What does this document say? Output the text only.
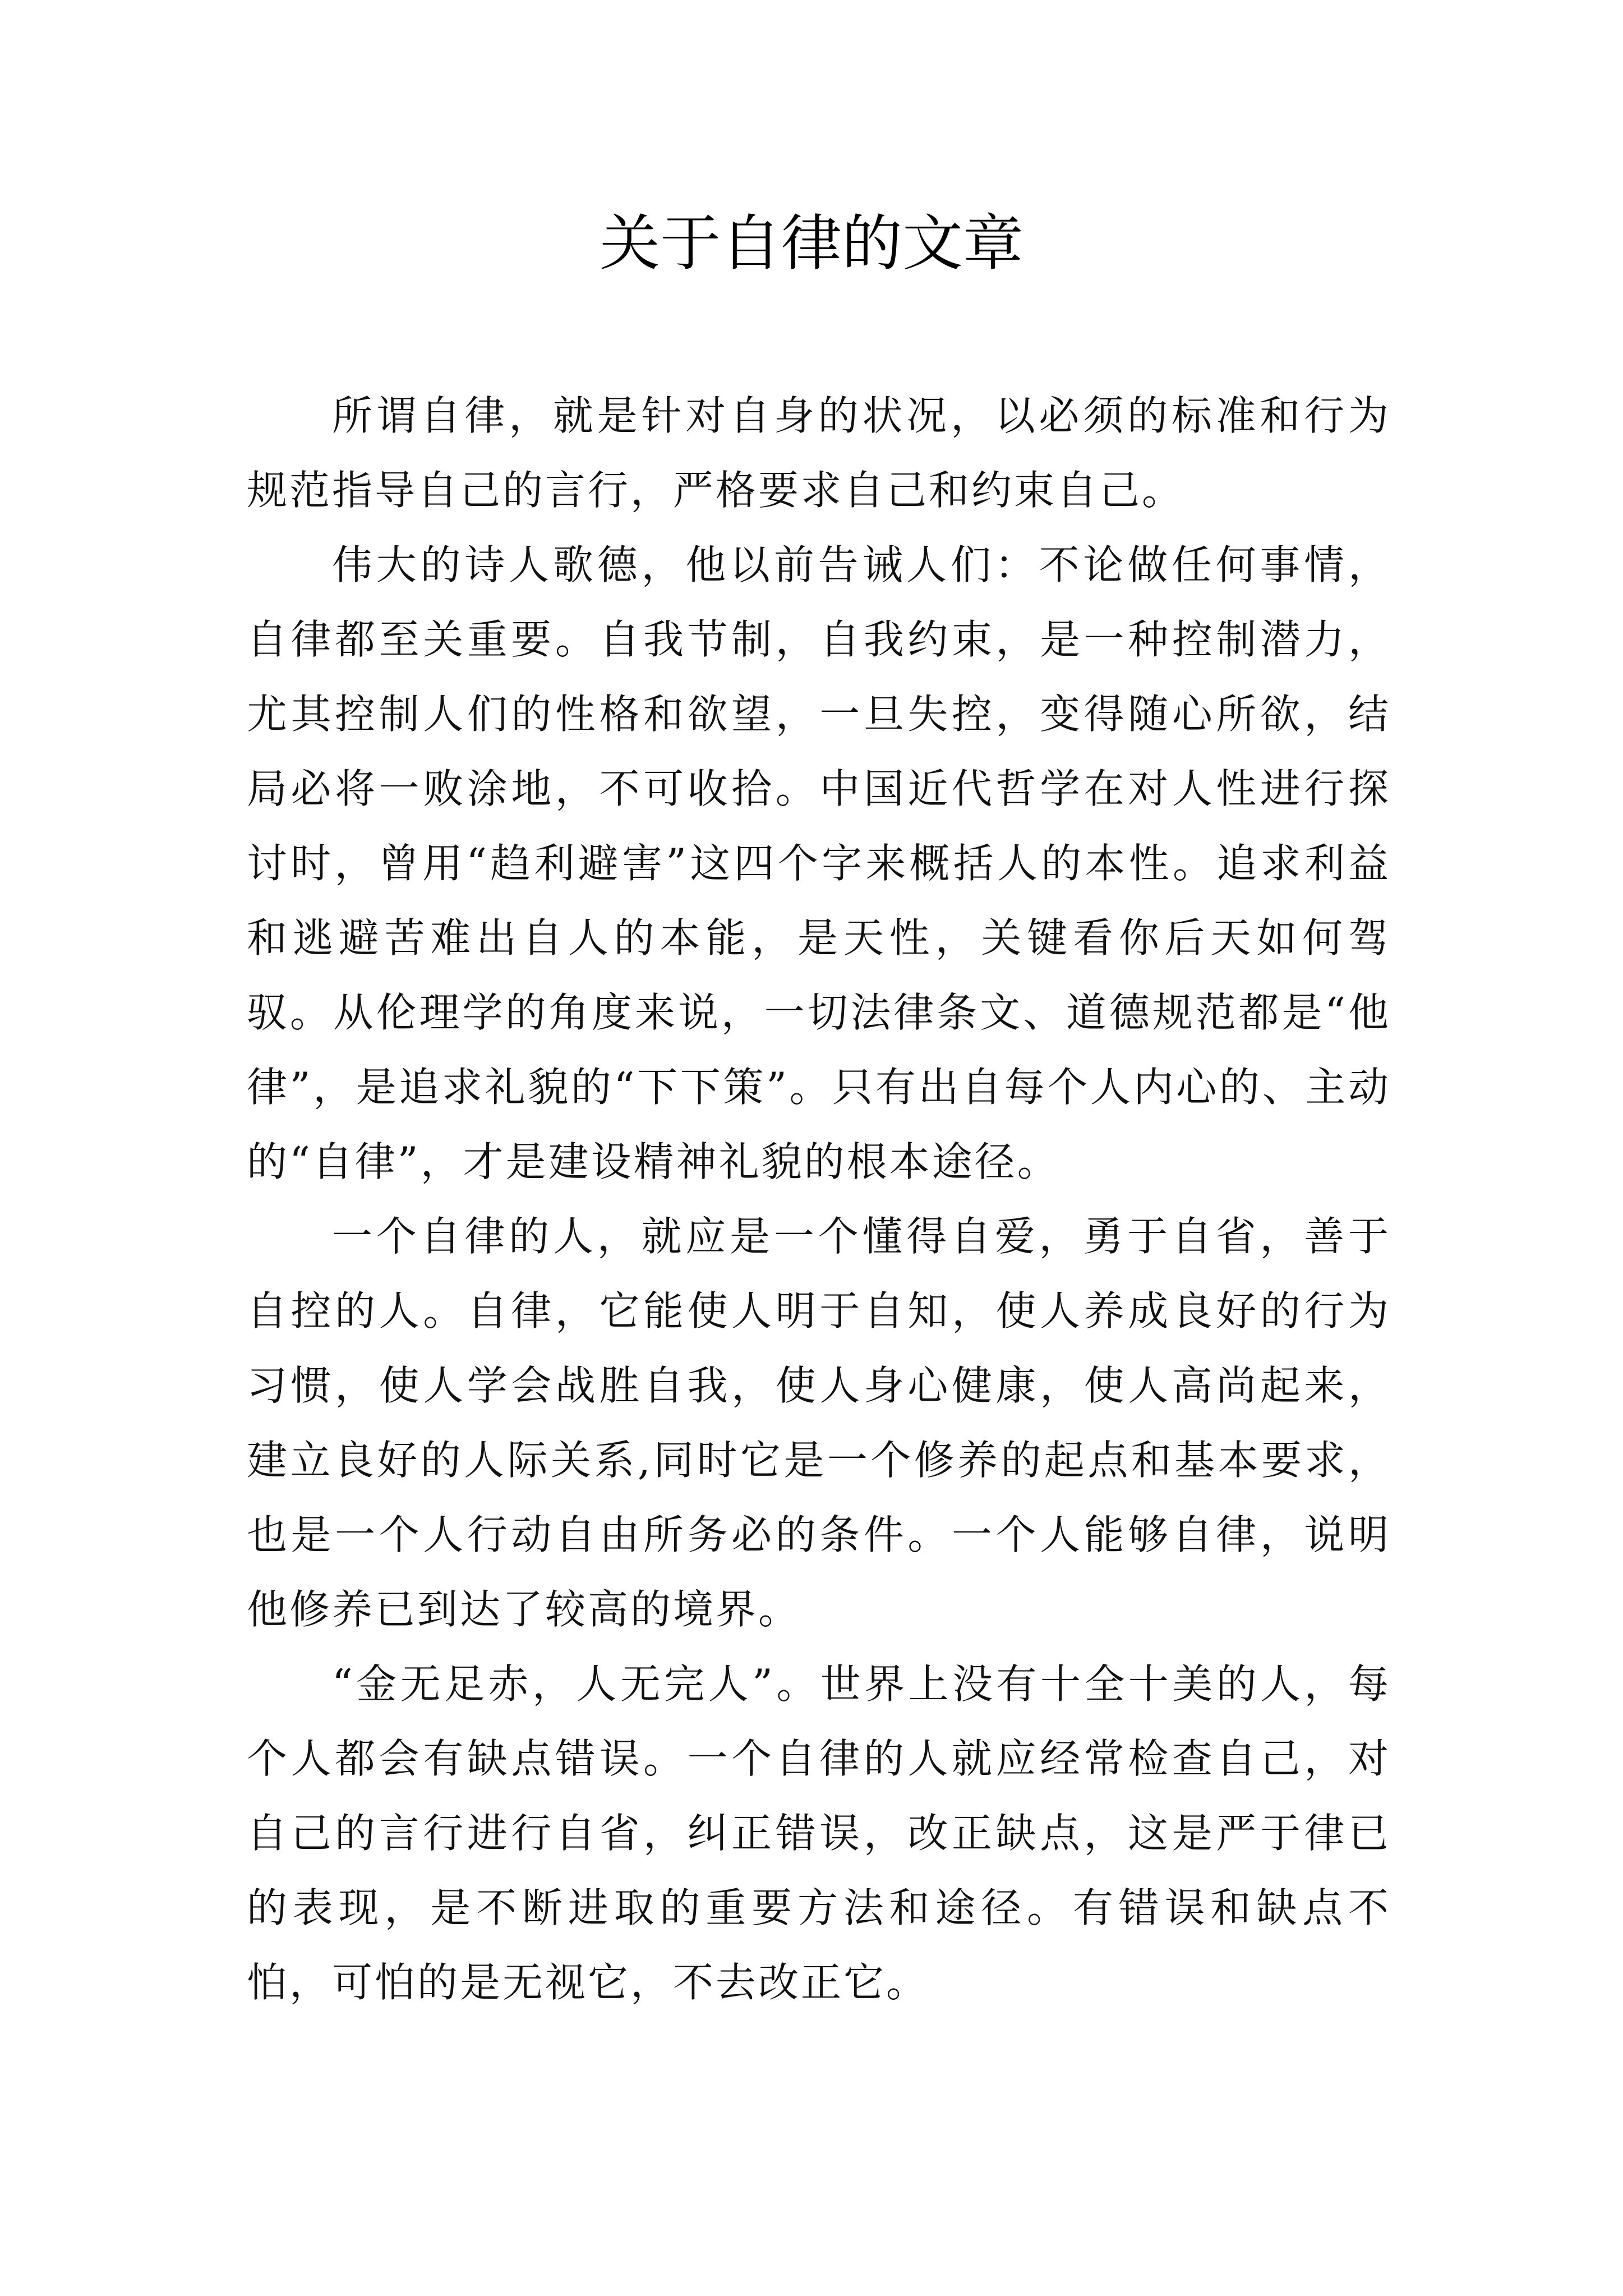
关于自律的文章

所谓自律，就是针对自身的状况，以必须的标准和行为规范指导自己的言行，严格要求自己和约束自己。

伟大的诗人歌德，他以前告诫人们：不论做任何事情，自律都至关重要。自我节制，自我约束，是一种控制潜力，尤其控制人们的性格和欲望，一旦失控，变得随心所欲，结局必将一败涂地，不可收拾。中国近代哲学在对人性进行探讨时，曾用“趋利避害”这四个字来概括人的本性。追求利益和逃避苦难出自人的本能，是天性，关键看你后天如何驾驭。从伦理学的角度来说，一切法律条文、道德规范都是“他律”，是追求礼貌的“下下策”。只有出自每个人内心的、主动的“自律”，才是建设精神礼貌的根本途径。

一个自律的人，就应是一个懂得自爱，勇于自省，善于自控的人。自律，它能使人明于自知，使人养成良好的行为习惯，使人学会战胜自我，使人身心健康，使人高尚起来，建立良好的人际关系,同时它是一个修养的起点和基本要求，也是一个人行动自由所务必的条件。一个人能够自律，说明他修养已到达了较高的境界。

“金无足赤，人无完人”。世界上没有十全十美的人，每个人都会有缺点错误。一个自律的人就应经常检查自己，对自己的言行进行自省，纠正错误，改正缺点，这是严于律已的表现，是不断进取的重要方法和途径。有错误和缺点不怕，可怕的是无视它，不去改正它。
